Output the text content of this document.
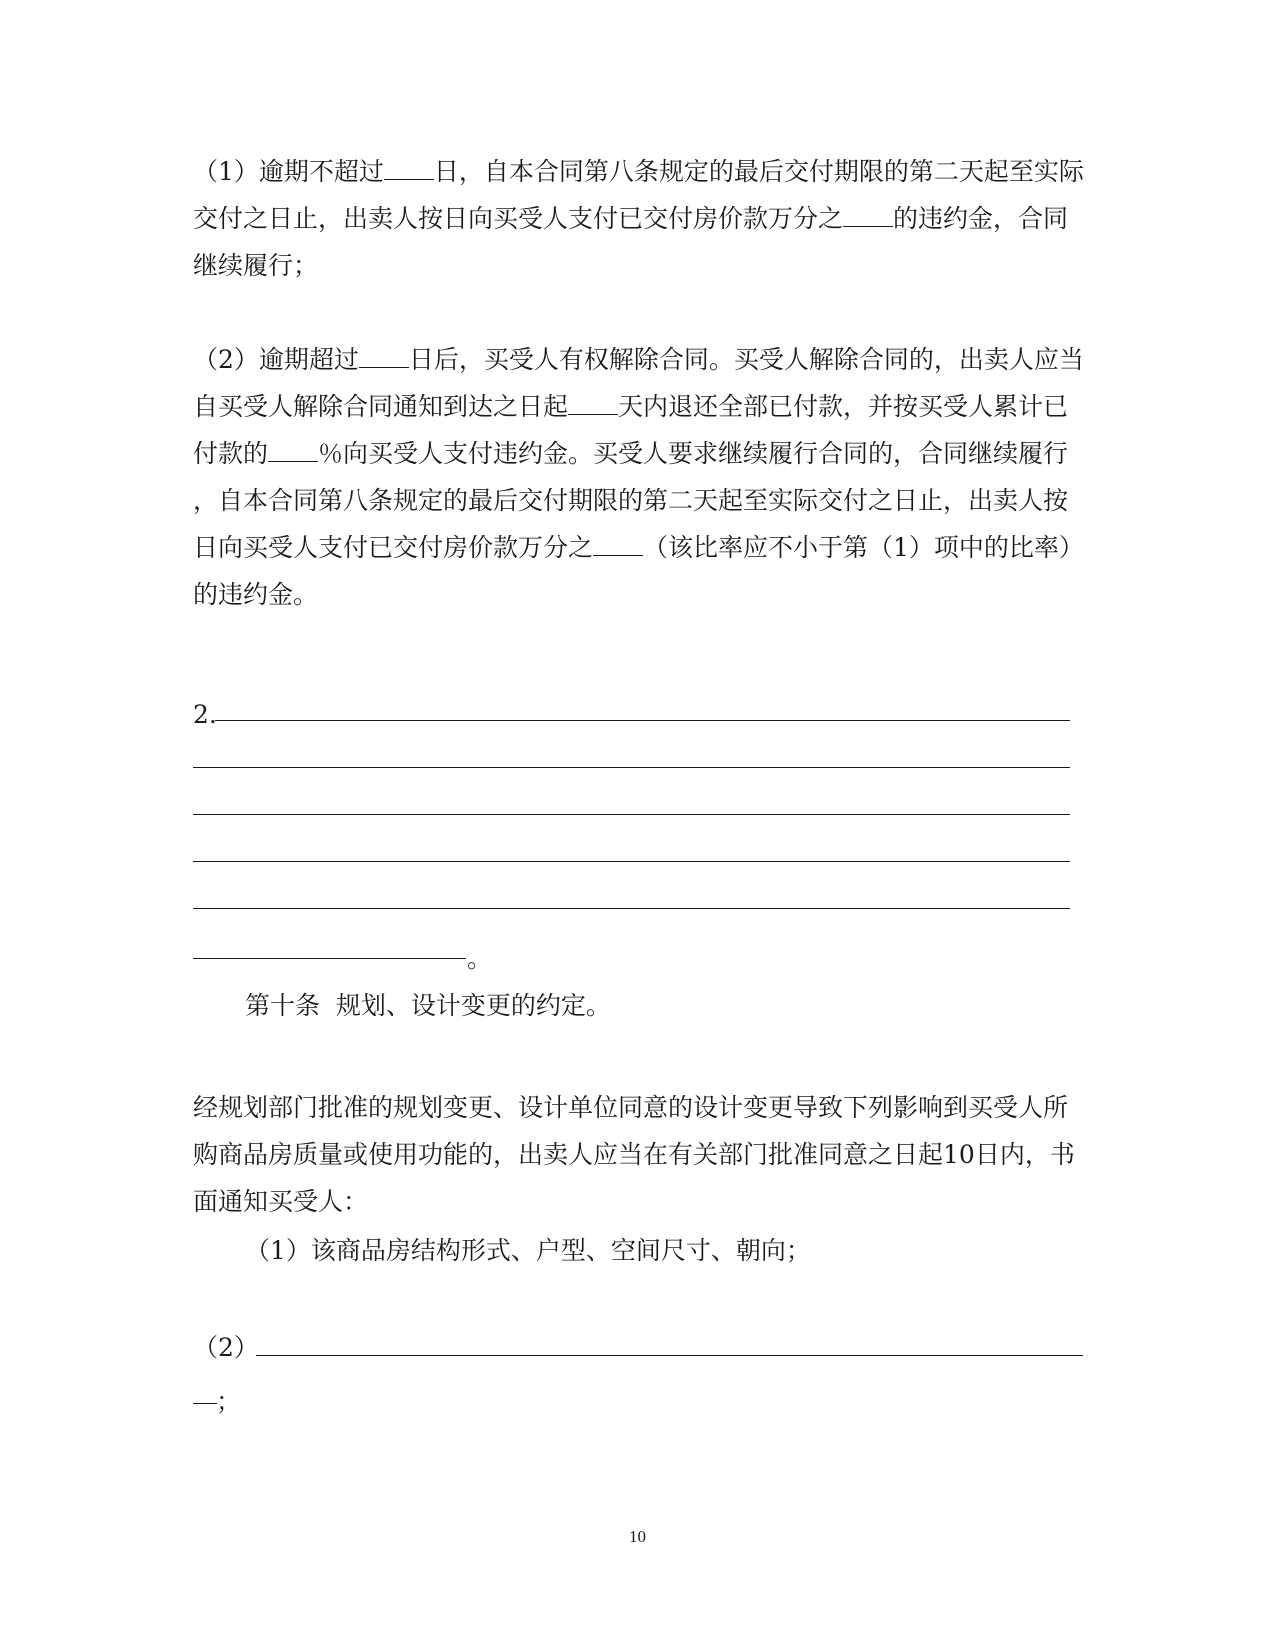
（1）逾期不超过 日，自本合同第八条规定的最后交付期限的第二天起至实际
交付之日止，出卖人按日向买受人支付已交付房价款万分之 的违约金，合同
继续履行；
（2）逾期超过 日后，买受人有权解除合同。买受人解除合同的，出卖人应当
自买受人解除合同通知到达之日起 天内退还全部已付款，并按买受人累计已
付款的 ％向买受人支付违约金。买受人要求继续履行合同的，合同继续履行
，自本合同第八条规定的最后交付期限的第二天起至实际交付之日止，出卖人按
日向买受人支付已交付房价款万分之 （该比率应不小于第（1）项中的比率）
的违约金。
2.
。
第十条  规划、设计变更的约定。
经规划部门批准的规划变更、设计单位同意的设计变更导致下列影响到买受人所
购商品房质量或使用功能的，出卖人应当在有关部门批准同意之日起10日内，书
面通知买受人：
（1）该商品房结构形式、户型、空间尺寸、朝向；
（2）
；
10
